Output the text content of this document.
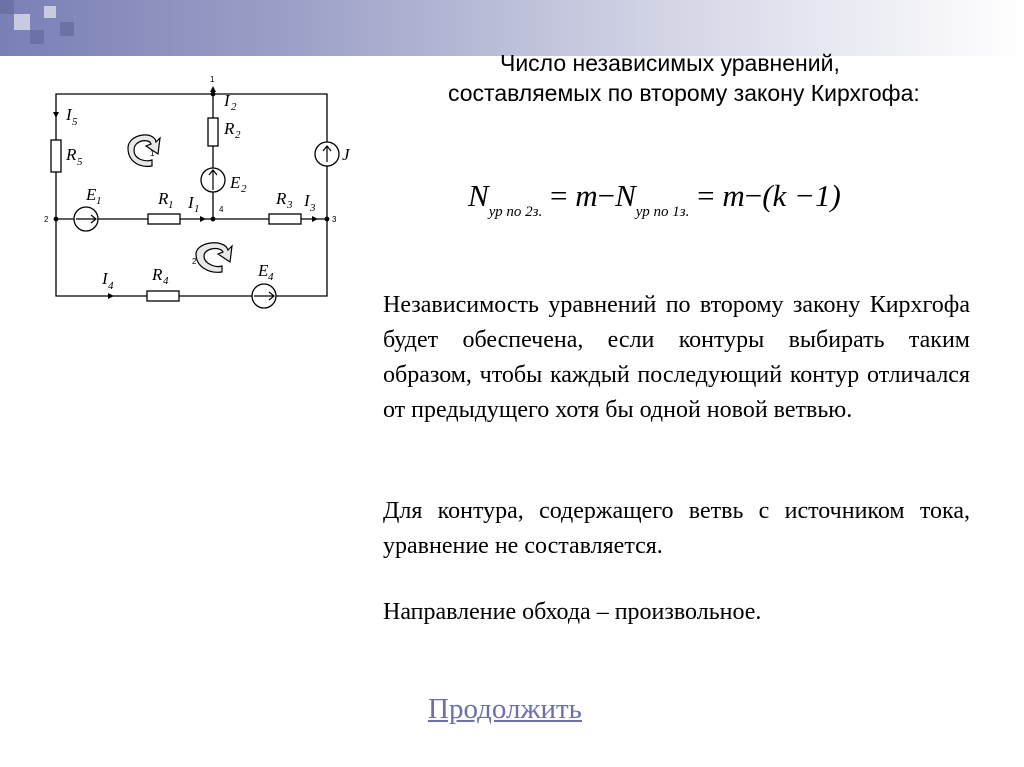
1
2	3
4
I 2
R 2
E 2
I 5
R 5
E 1	R 1 I 1
R 3 I 3
J
I 4
R 4
E 4
1
2
Число независимых уравнений, составляемых по второму закону Кирхгофа:
$N_{ур по 2з.} = m-N_{ур по 1з.} = m-(k -1)$
Независимость уравнений по второму закону Кирхгофа будет обеспечена, если контуры выбирать таким образом, чтобы каждый последующий контур отличался от предыдущего хотя бы одной новой ветвью.
Для контура, содержащего ветвь с источником тока, уравнение не составляется.
Направление обхода – произвольное.
Продолжить
